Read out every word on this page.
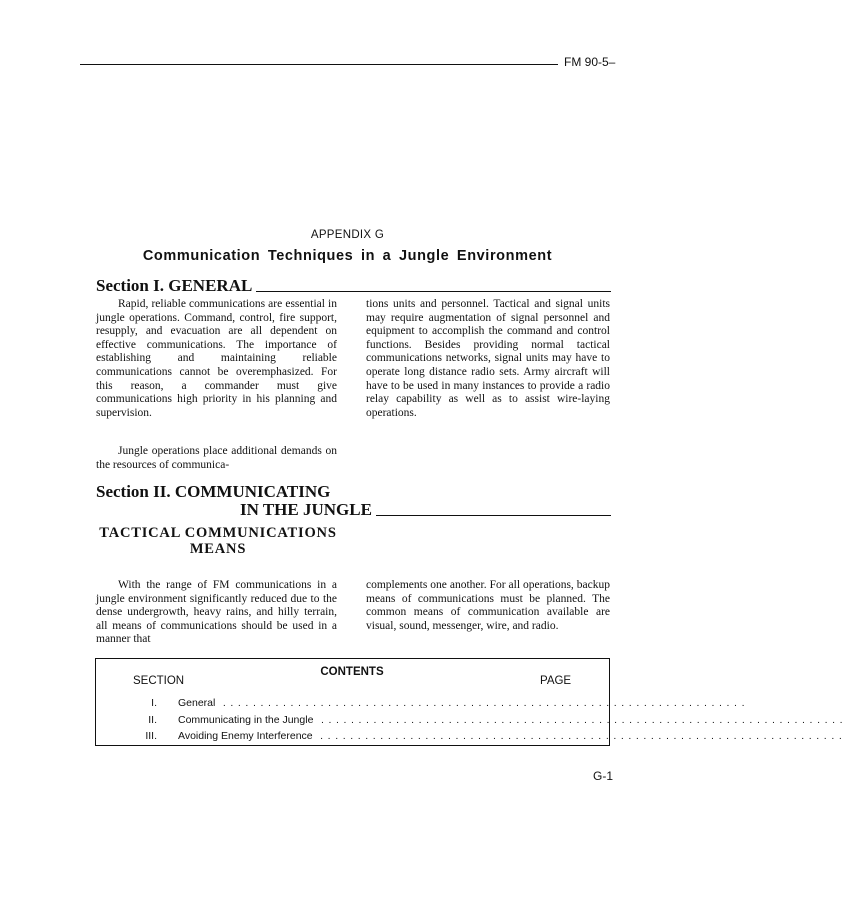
FM 90-5–
APPENDIX G
Communication Techniques in a Jungle Environment
Section I. GENERAL

Rapid, reliable communications are essential in jungle operations. Command, control, fire support, resupply, and evacuation are all dependent on effective communications. The importance of establishing and maintaining reliable communications cannot be overemphasized. For this reason, a commander must give communications high priority in his planning and supervision.

Jungle operations place additional demands on the resources of communica-

tions units and personnel. Tactical and signal units may require augmentation of signal personnel and equipment to accomplish the command and control functions. Besides providing normal tactical communications networks, signal units may have to operate long distance radio sets. Army aircraft will have to be used in many instances to provide a radio relay capability as well as to assist wire-laying operations.

Section II. COMMUNICATING
IN THE JUNGLE
TACTICAL COMMUNICATIONS MEANS

With the range of FM communications in a jungle environment significantly reduced due to the dense undergrowth, heavy rains, and hilly terrain, all means of communications should be used in a manner that

complements one another. For all operations, backup means of communications must be planned. The common means of communication available are visual, sound, messenger, wire, and radio.

CONTENTS
SECTION	PAGE
I. General ......................................................................
II. Communicating in the Jungle ......................................................................
III. Avoiding Enemy Interference ......................................................................
G-1
